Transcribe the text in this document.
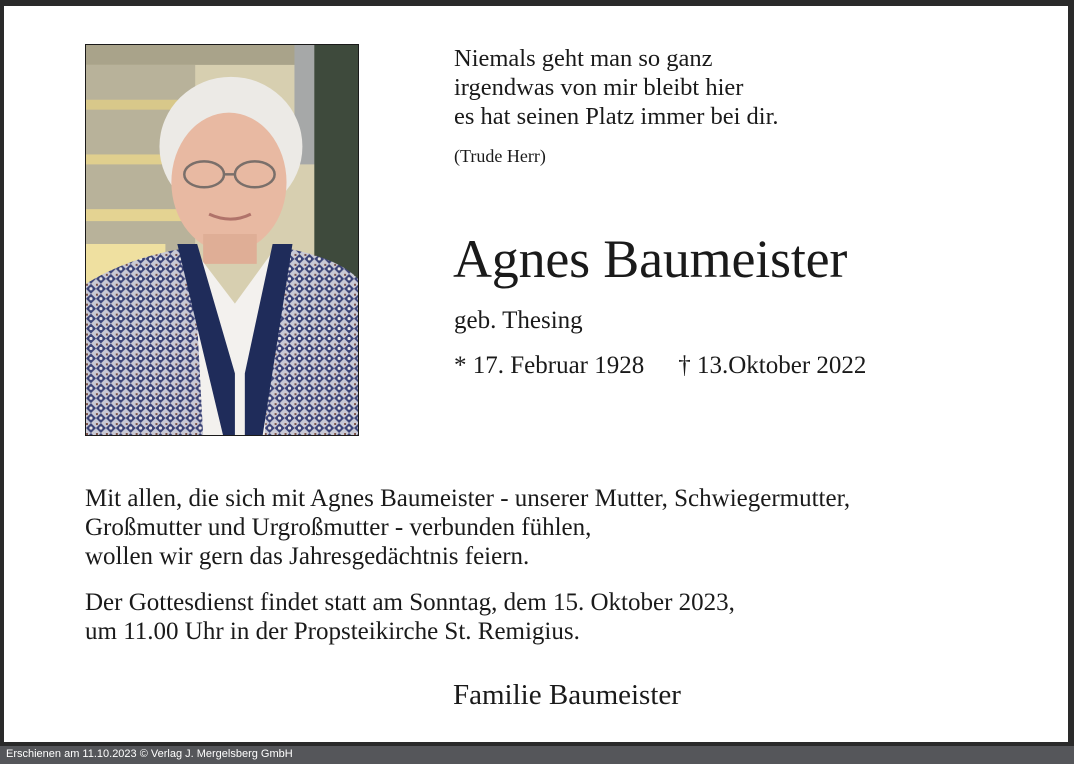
Niemals geht man so ganz
irgendwas von mir bleibt hier
es hat seinen Platz immer bei dir.
(Trude Herr)
Agnes Baumeister
geb. Thesing
* 17. Februar 1928 † 13.Oktober 2022
Mit allen, die sich mit Agnes Baumeister - unserer Mutter, Schwiegermutter,
Großmutter und Urgroßmutter - verbunden fühlen,
wollen wir gern das Jahresgedächtnis feiern.
Der Gottesdienst findet statt am Sonntag, dem 15. Oktober 2023,
um 11.00 Uhr in der Propsteikirche St. Remigius.
Familie Baumeister
Erschienen am 11.10.2023 © Verlag J. Mergelsberg GmbH
